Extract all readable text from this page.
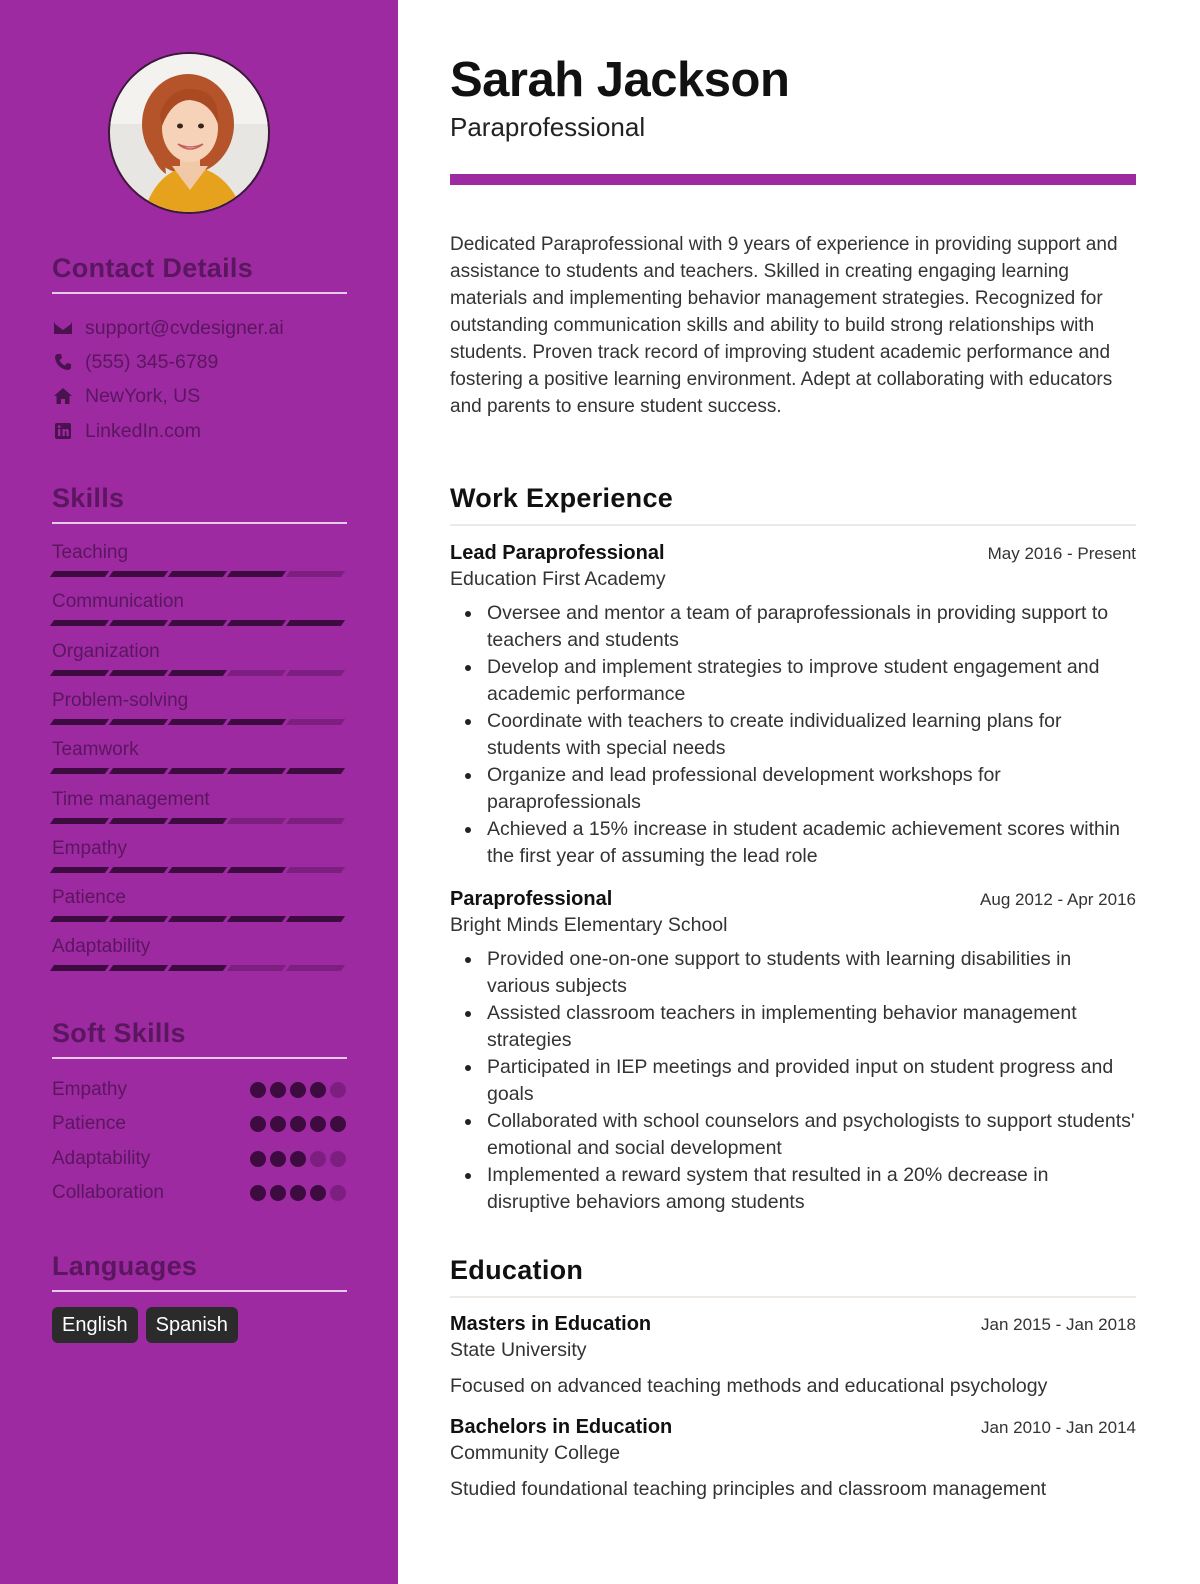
Contact Details
support@cvdesigner.ai
(555) 345-6789
NewYork, US
LinkedIn.com
Skills
Teaching
Communication
Organization
Problem-solving
Teamwork
Time management
Empathy
Patience
Adaptability
Soft Skills
Empathy
Patience
Adaptability
Collaboration
Languages
English	Spanish
Sarah Jackson
Paraprofessional

Dedicated Paraprofessional with 9 years of experience in providing support and assistance to students and teachers. Skilled in creating engaging learning materials and implementing behavior management strategies. Recognized for outstanding communication skills and ability to build strong relationships with students. Proven track record of improving student academic performance and fostering a positive learning environment. Adept at collaborating with educators and parents to ensure student success.

Work Experience
Lead Paraprofessional	May 2016 - Present
Education First Academy
Oversee and mentor a team of paraprofessionals in providing support to teachers and students
Develop and implement strategies to improve student engagement and academic performance
Coordinate with teachers to create individualized learning plans for students with special needs
Organize and lead professional development workshops for paraprofessionals
Achieved a 15% increase in student academic achievement scores within the first year of assuming the lead role
Paraprofessional	Aug 2012 - Apr 2016
Bright Minds Elementary School
Provided one-on-one support to students with learning disabilities in various subjects
Assisted classroom teachers in implementing behavior management strategies
Participated in IEP meetings and provided input on student progress and goals
Collaborated with school counselors and psychologists to support students' emotional and social development
Implemented a reward system that resulted in a 20% decrease in disruptive behaviors among students
Education
Masters in Education	Jan 2015 - Jan 2018
State University
Focused on advanced teaching methods and educational psychology
Bachelors in Education	Jan 2010 - Jan 2014
Community College
Studied foundational teaching principles and classroom management
